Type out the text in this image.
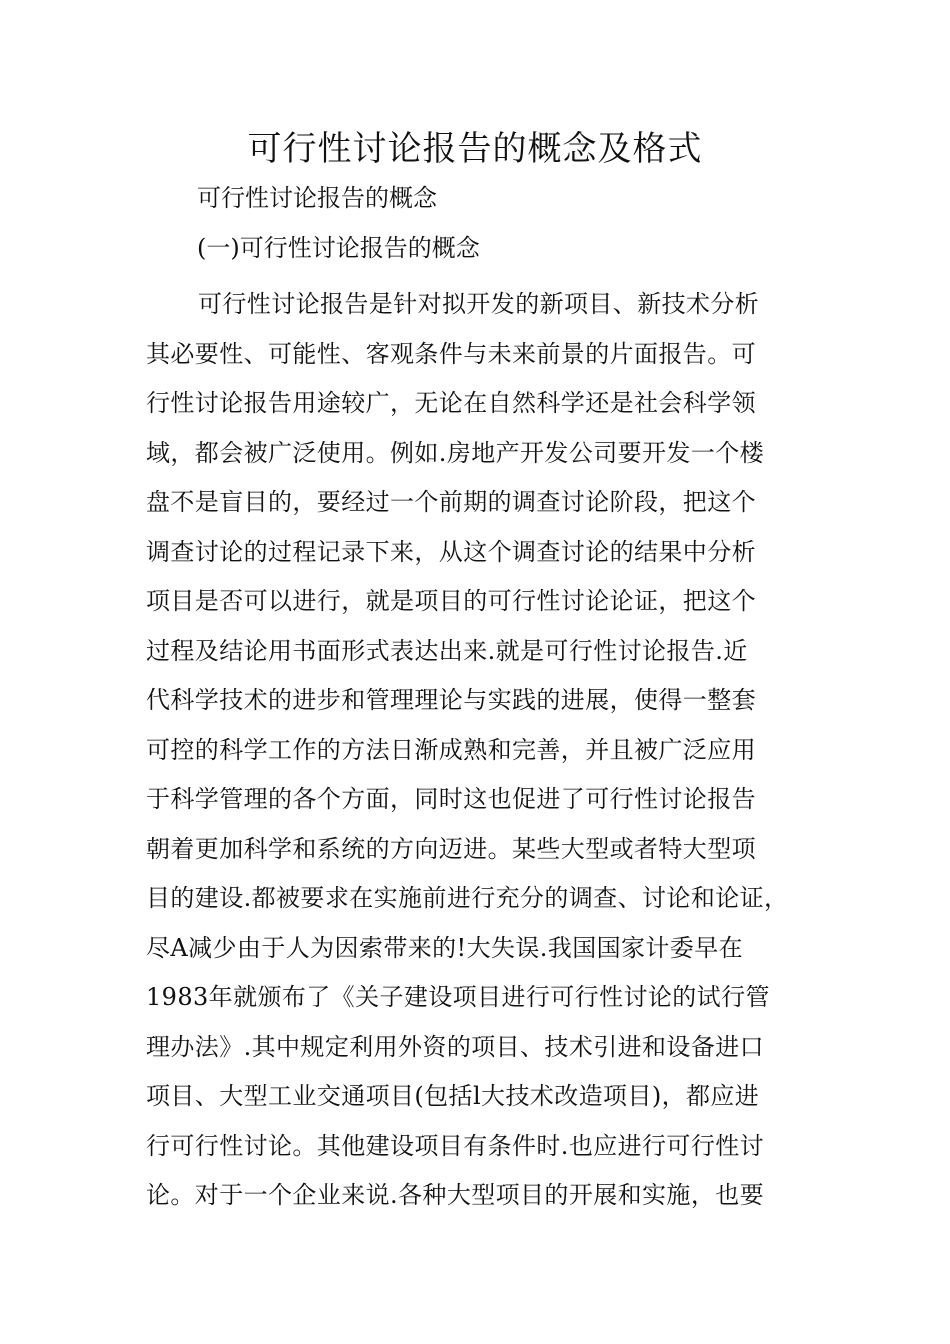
可行性讨论报告的概念及格式

可行性讨论报告的概念

(一)可行性讨论报告的概念

可行性讨论报告是针对拟开发的新项目、新技术分析
其必要性、可能性、客观条件与未来前景的片面报告。可
行性讨论报告用途较广，无论在自然科学还是社会科学领
域，都会被广泛使用。例如.房地产开发公司要开发一个楼
盘不是盲目的，要经过一个前期的调查讨论阶段，把这个
调查讨论的过程记录下来，从这个调查讨论的结果中分析
项目是否可以进行，就是项目的可行性讨论论证，把这个
过程及结论用书面形式表达出来.就是可行性讨论报告.近
代科学技术的进步和管理理论与实践的进展，使得一整套
可控的科学工作的方法日渐成熟和完善，并且被广泛应用
于科学管理的各个方面，同时这也促进了可行性讨论报告
朝着更加科学和系统的方向迈进。某些大型或者特大型项
目的建设.都被要求在实施前进行充分的调查、讨论和论证，
尽A减少由于人为因索带来的!大失误.我国国家计委早在
1983年就颁布了《关子建设项目进行可行性讨论的试行管
理办法》.其中规定利用外资的项目、技术引进和设备进口
项目、大型工业交通项目(包括l大技术改造项目)，都应进
行可行性讨论。其他建设项目有条件时.也应进行可行性讨
论。对于一个企业来说.各种大型项目的开展和实施，也要
